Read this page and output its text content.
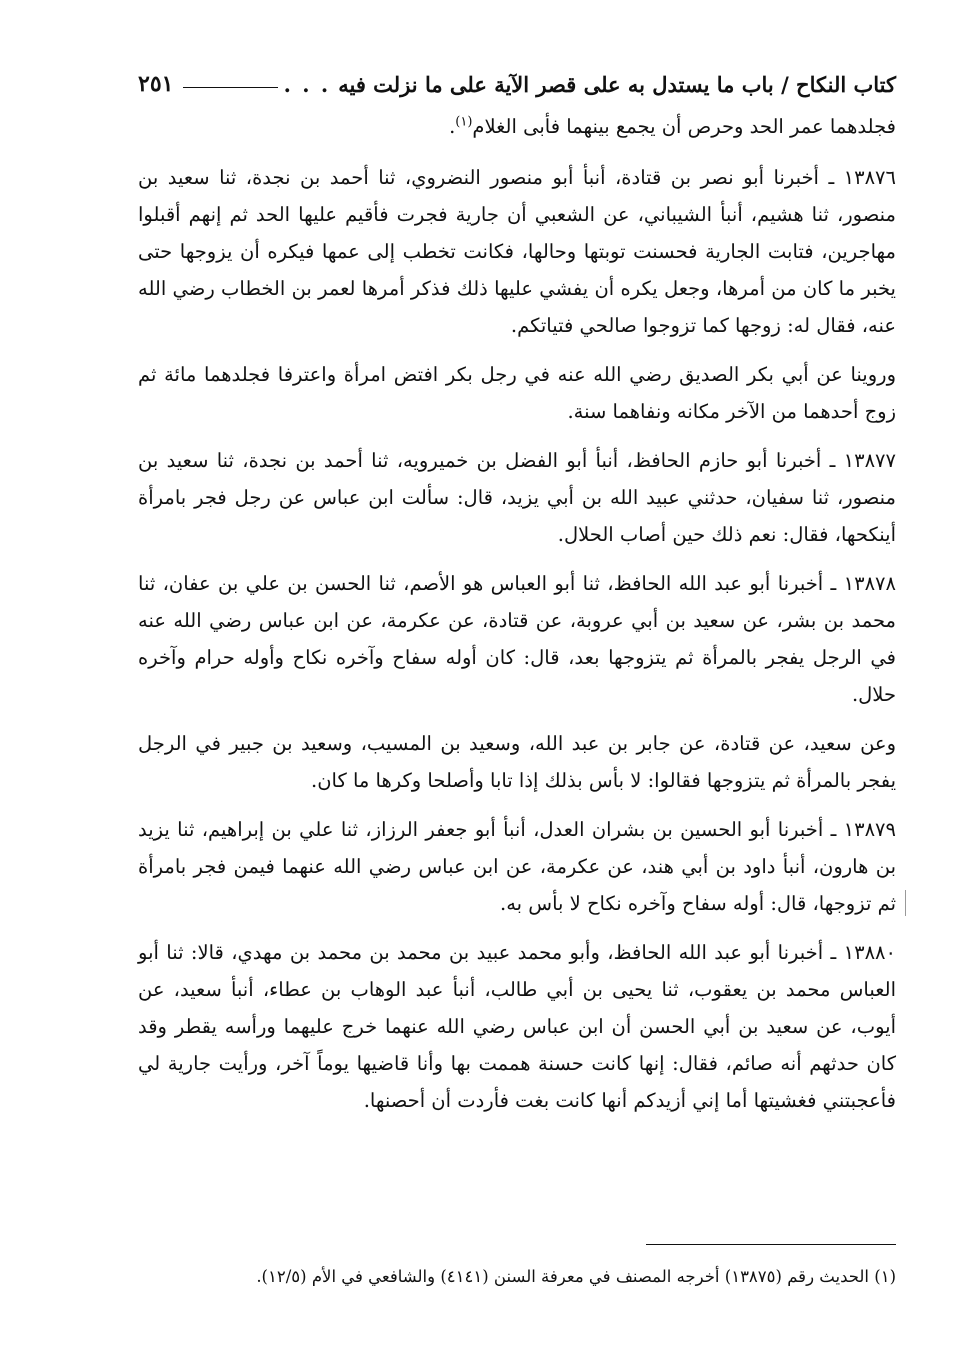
كتاب النكاح / باب ما يستدل به على قصر الآية على ما نزلت فيه
. . .
٢٥١

فجلدهما عمر الحد وحرص أن يجمع بينهما فأبى الغلام$^{(١)}$.

١٣٨٧٦ ـ أخبرنا أبو نصر بن قتادة، أنبأ أبو منصور النضروي، ثنا أحمد بن نجدة، ثنا سعيد بن منصور، ثنا هشيم، أنبأ الشيباني، عن الشعبي أن جارية فجرت فأقيم عليها الحد ثم إنهم أقبلوا مهاجرين، فتابت الجارية فحسنت توبتها وحالها، فكانت تخطب إلى عمها فيكره أن يزوجها حتى يخبر ما كان من أمرها، وجعل يكره أن يفشي عليها ذلك فذكر أمرها لعمر بن الخطاب رضي الله عنه، فقال له: زوجها كما تزوجوا صالحي فتياتكم.

وروينا عن أبي بكر الصديق رضي الله عنه في رجل بكر افتض امرأة واعترفا فجلدهما مائة ثم زوج أحدهما من الآخر مكانه ونفاهما سنة.

١٣٨٧٧ ـ أخبرنا أبو حازم الحافظ، أنبأ أبو الفضل بن خميرويه، ثنا أحمد بن نجدة، ثنا سعيد بن منصور، ثنا سفيان، حدثني عبيد الله بن أبي يزيد، قال: سألت ابن عباس عن رجل فجر بامرأة أينكحها، فقال: نعم ذلك حين أصاب الحلال.

١٣٨٧٨ ـ أخبرنا أبو عبد الله الحافظ، ثنا أبو العباس هو الأصم، ثنا الحسن بن علي بن عفان، ثنا محمد بن بشر، عن سعيد بن أبي عروبة، عن قتادة، عن عكرمة، عن ابن عباس رضي الله عنه في الرجل يفجر بالمرأة ثم يتزوجها بعد، قال: كان أوله سفاح وآخره نكاح وأوله حرام وآخره حلال.

وعن سعيد، عن قتادة، عن جابر بن عبد الله، وسعيد بن المسيب، وسعيد بن جبير في الرجل يفجر بالمرأة ثم يتزوجها فقالوا: لا بأس بذلك إذا تابا وأصلحا وكرها ما كان.

١٣٨٧٩ ـ أخبرنا أبو الحسين بن بشران العدل، أنبأ أبو جعفر الرزاز، ثنا علي بن إبراهيم، ثنا يزيد بن هارون، أنبأ داود بن أبي هند، عن عكرمة، عن ابن عباس رضي الله عنهما فيمن فجر بامرأة ثم تزوجها، قال: أوله سفاح وآخره نكاح لا بأس به.

١٣٨٨٠ ـ أخبرنا أبو عبد الله الحافظ، وأبو محمد عبيد بن محمد بن محمد بن مهدي، قالا: ثنا أبو العباس محمد بن يعقوب، ثنا يحيى بن أبي طالب، أنبأ عبد الوهاب بن عطاء، أنبأ سعيد، عن أيوب، عن سعيد بن أبي الحسن أن ابن عباس رضي الله عنهما خرج عليهما ورأسه يقطر وقد كان حدثهم أنه صائم، فقال: إنها كانت حسنة هممت بها وأنا قاضيها يوماً آخر، ورأيت جارية لي فأعجبتني فغشيتها أما إني أزيدكم أنها كانت بغت فأردت أن أحصنها.

(١) الحديث رقم (١٣٨٧٥) أخرجه المصنف في معرفة السنن (٤١٤١) والشافعي في الأم (١٢/٥).
